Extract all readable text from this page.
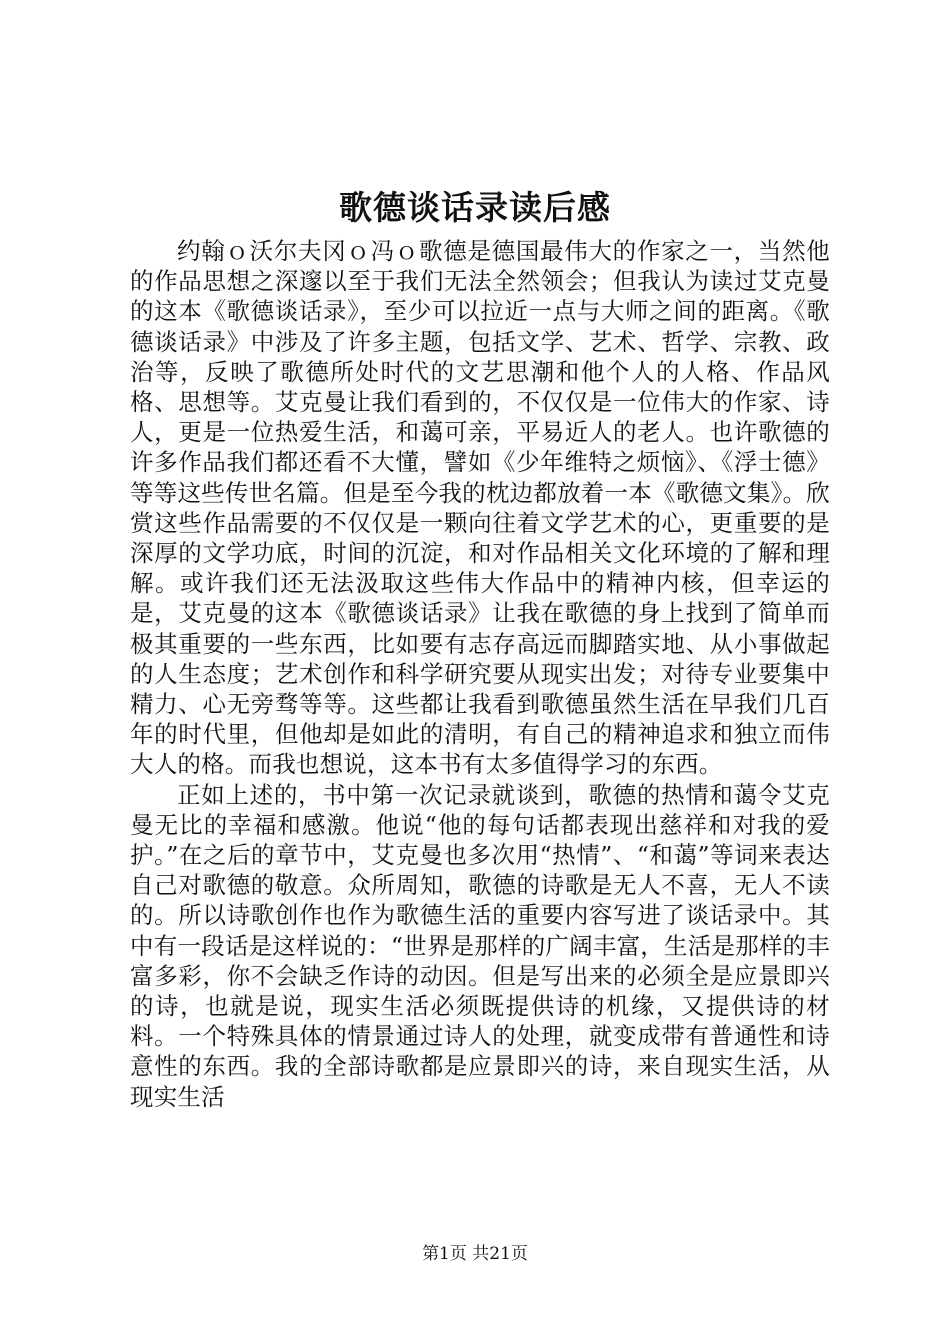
歌德谈话录读后感

约翰ｏ沃尔夫冈ｏ冯ｏ歌德是德国最伟大的作家之一，当然他的作品思想之深邃以至于我们无法全然领会；但我认为读过艾克曼的这本《歌德谈话录》，至少可以拉近一点与大师之间的距离。《歌德谈话录》中涉及了许多主题，包括文学、艺术、哲学、宗教、政治等，反映了歌德所处时代的文艺思潮和他个人的人格、作品风格、思想等。艾克曼让我们看到的，不仅仅是一位伟大的作家、诗人，更是一位热爱生活，和蔼可亲，平易近人的老人。也许歌德的许多作品我们都还看不大懂，譬如《少年维特之烦恼》、《浮士德》等等这些传世名篇。但是至今我的枕边都放着一本《歌德文集》。欣赏这些作品需要的不仅仅是一颗向往着文学艺术的心，更重要的是深厚的文学功底，时间的沉淀，和对作品相关文化环境的了解和理解。或许我们还无法汲取这些伟大作品中的精神内核，但幸运的是，艾克曼的这本《歌德谈话录》让我在歌德的身上找到了简单而极其重要的一些东西，比如要有志存高远而脚踏实地、从小事做起的人生态度；艺术创作和科学研究要从现实出发；对待专业要集中精力、心无旁骛等等。这些都让我看到歌德虽然生活在早我们几百年的时代里，但他却是如此的清明，有自己的精神追求和独立而伟大人的格。而我也想说，这本书有太多值得学习的东西。

正如上述的，书中第一次记录就谈到，歌德的热情和蔼令艾克曼无比的幸福和感激。他说“他的每句话都表现出慈祥和对我的爱护。”在之后的章节中，艾克曼也多次用“热情”、“和蔼”等词来表达自己对歌德的敬意。众所周知，歌德的诗歌是无人不喜，无人不读的。所以诗歌创作也作为歌德生活的重要内容写进了谈话录中。其中有一段话是这样说的：“世界是那样的广阔丰富，生活是那样的丰富多彩，你不会缺乏作诗的动因。但是写出来的必须全是应景即兴的诗，也就是说，现实生活必须既提供诗的机缘，又提供诗的材料。一个特殊具体的情景通过诗人的处理，就变成带有普通性和诗意性的东西。我的全部诗歌都是应景即兴的诗，来自现实生活，从现实生活

第1页 共21页
